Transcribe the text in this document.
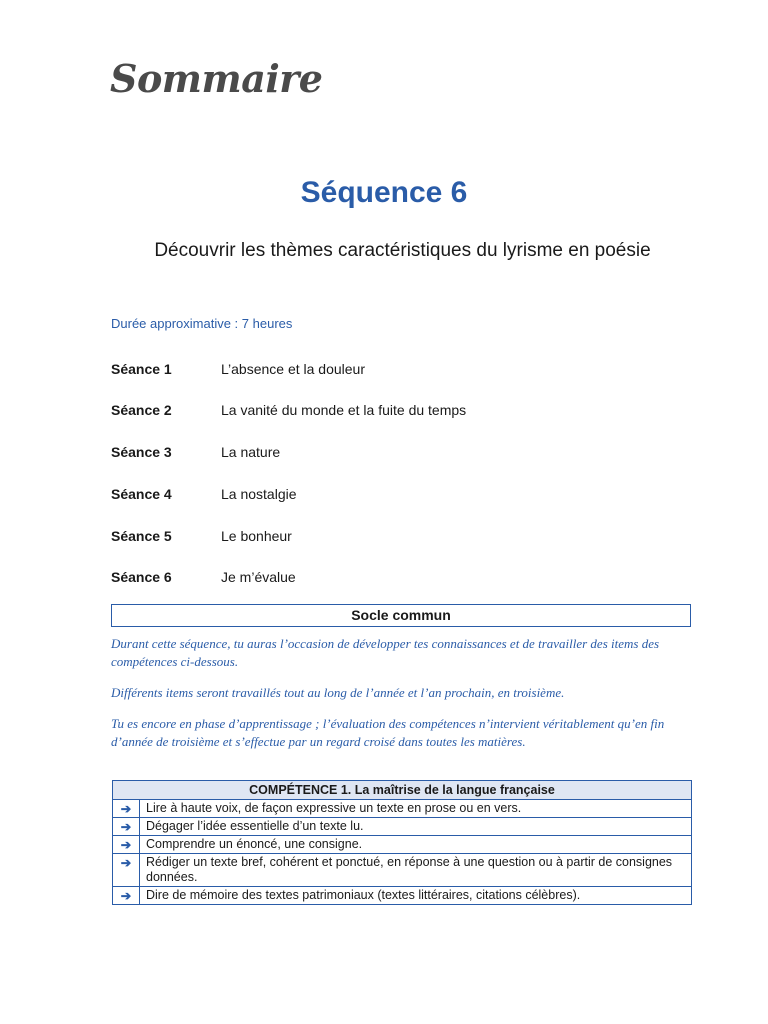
Sommaire
Séquence 6
Découvrir les thèmes caractéristiques du lyrisme en poésie
Durée approximative : 7 heures
Séance 1	L’absence et la douleur
Séance 2	La vanité du monde et la fuite du temps
Séance 3	La nature
Séance 4	La nostalgie
Séance 5	Le bonheur
Séance 6	Je m’évalue
Socle commun
Durant cette séquence, tu auras l’occasion de développer tes connaissances et de travailler des items des compétences ci-dessous.
Différents items seront travaillés tout au long de l’année et l’an prochain, en troisième.
Tu es encore en phase d’apprentissage ; l’évaluation des compétences n’intervient véritablement qu’en fin d’année de troisième et s’effectue par un regard croisé dans toutes les matières.
COMPÉTENCE 1. La maîtrise de la langue française	
➔	Lire à haute voix, de façon expressive un texte en prose ou en vers.
➔	Dégager l’idée essentielle d’un texte lu.
➔	Comprendre un énoncé, une consigne.
➔	Rédiger un texte bref, cohérent et ponctué, en réponse à une question ou à partir de consignes données.
➔	Dire de mémoire des textes patrimoniaux (textes littéraires, citations célèbres).
